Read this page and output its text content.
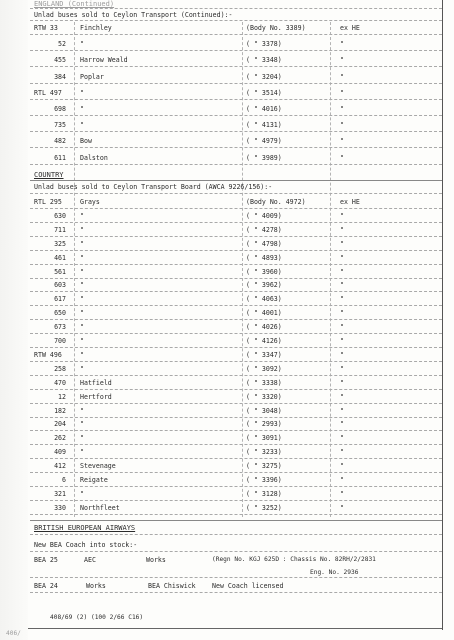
ENGLAND (Continued)
Unlad buses sold to Ceylon Transport (Continued):-
RTW 33	Finchley	(Body No. 3389)	ex HE
52 "	( " 3378)	"
455 Harrow Weald	( " 3348)	"
384 Poplar	( " 3204)	"
RTL 497	"	( " 3514)	"
698 "	( " 4016)	"
735 "	( " 4131)	"
482 Bow	( " 4979)	"
611 Dalston	( " 3989)	"
COUNTRY
Unlad buses sold to Ceylon Transport Board (AWCA 9226/156):-
RTL 295	Grays	(Body No. 4972)	ex HE
630 "	( " 4009)	"
711 "	( " 4278)	"
325 "	( " 4798)	"
461 "	( " 4893)	"
561 "	( " 3960)	"
603 "	( " 3962)	"
617 "	( " 4063)	"
650 "	( " 4001)	"
673 "	( " 4026)	"
700 "	( " 4126)	"
RTW 496	"	( " 3347)	"
258 "	( " 3092)	"
470 Hatfield	( " 3338)	"
12 Hertford	( " 3320)	"
182 "	( " 3048)	"
204 "	( " 2993)	"
262 "	( " 3091)	"
409 "	( " 3233)	"
412 Stevenage	( " 3275)	"
6 Reigate	( " 3396)	"
321 "	( " 3128)	"
330 Northfleet	( " 3252)	"
BRITISH EUROPEAN AIRWAYS
New BEA Coach into stock:-
BEA 25	AEC	Works	(Regn No. KGJ 625D : Chassis No. 82RH/2/2831
Eng. No. 2936
BEA 24	Works	BEA Chiswick New Coach licensed
408/69 (2) (100 2/66 C16)
406/
